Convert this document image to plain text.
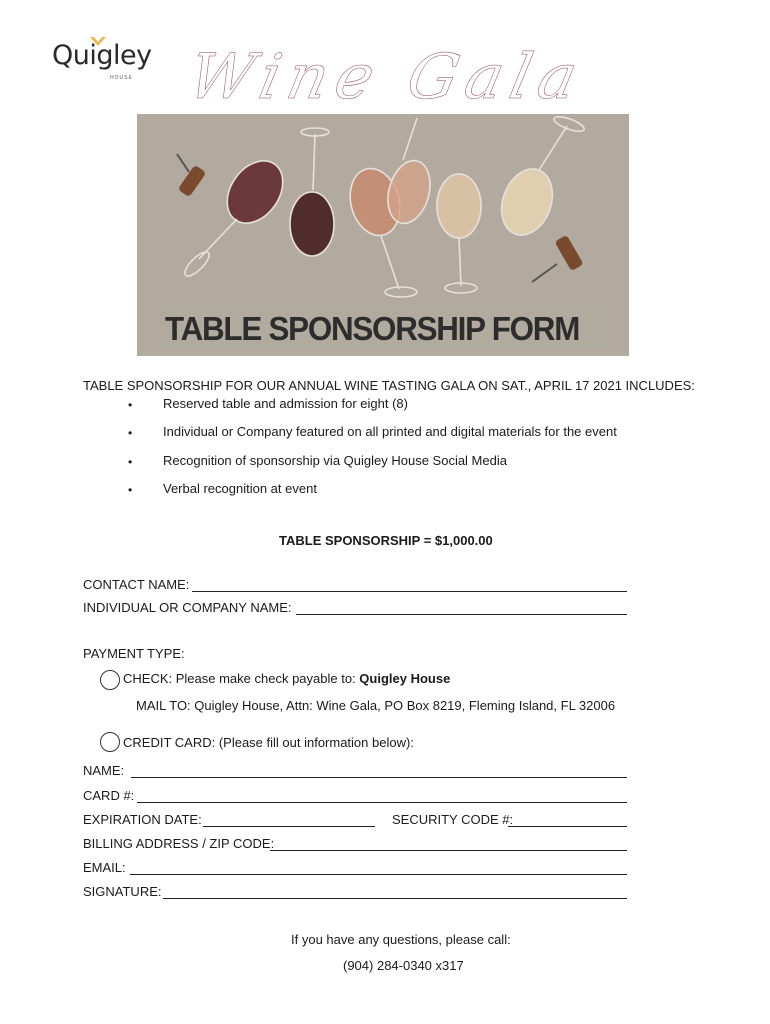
Quigley
HOUSE
TABLE SPONSORSHIP FORM
Wine Gala
TABLE SPONSORSHIP FOR OUR ANNUAL WINE TASTING GALA ON SAT., APRIL 17 2021 INCLUDES:
• Reserved table and admission for eight (8)
• Individual or Company featured on all printed and digital materials for the event
• Recognition of sponsorship via Quigley House Social Media
• Verbal recognition at event
TABLE SPONSORSHIP = $1,000.00
CONTACT NAME:
INDIVIDUAL OR COMPANY NAME:
PAYMENT TYPE:
CHECK: Please make check payable to: Quigley House
MAIL TO: Quigley House, Attn: Wine Gala, PO Box 8219, Fleming Island, FL 32006
CREDIT CARD: (Please fill out information below):
NAME:
CARD #:
EXPIRATION DATE:	SECURITY CODE #:
BILLING ADDRESS / ZIP CODE:
EMAIL:
SIGNATURE:
If you have any questions, please call:
(904) 284-0340 x317
